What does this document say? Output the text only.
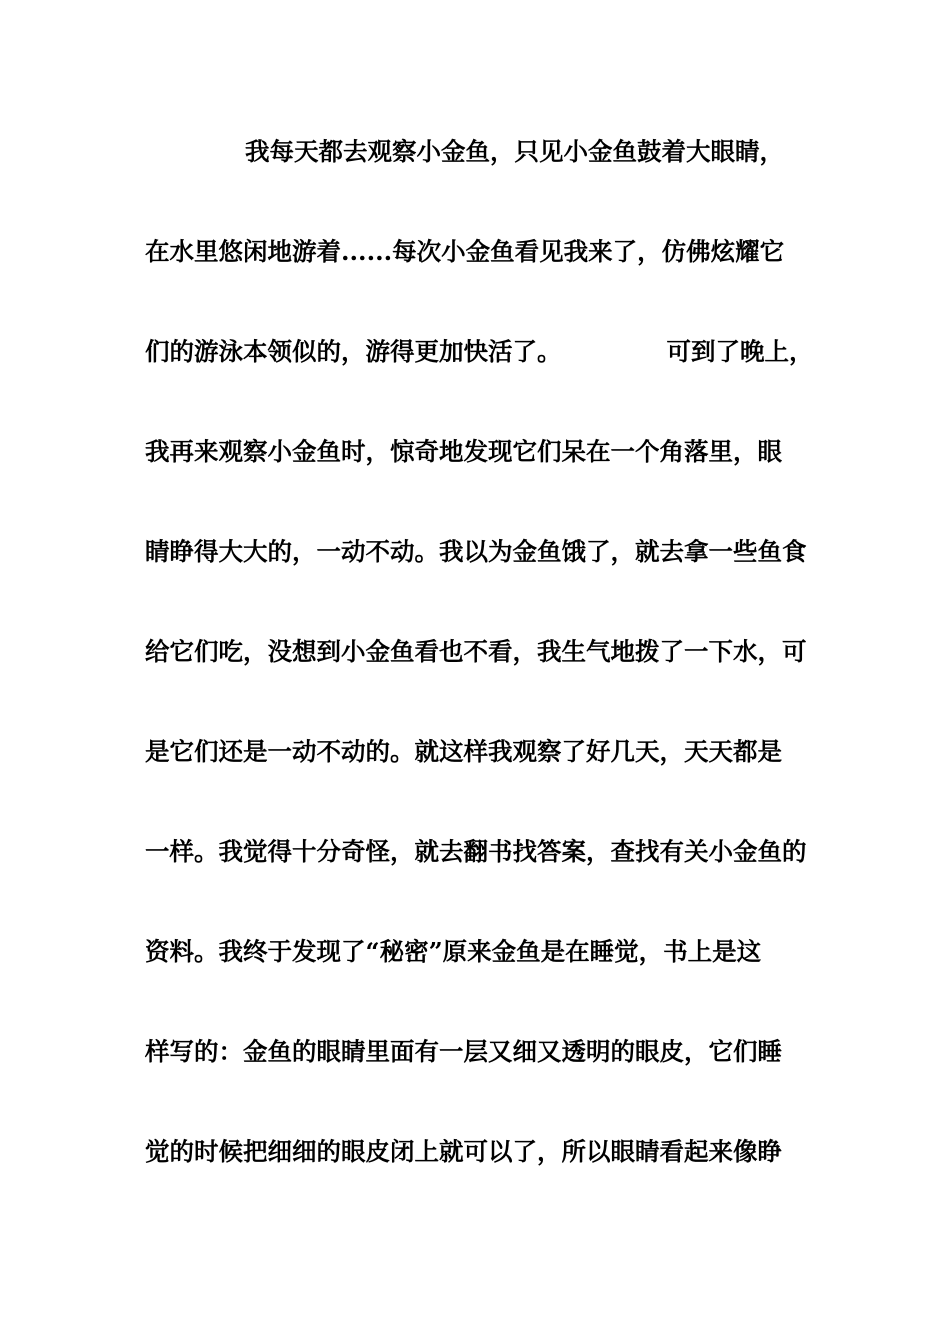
我每天都去观察小金鱼，只见小金鱼鼓着大眼睛，
在水里悠闲地游着......每次小金鱼看见我来了，仿佛炫耀它
们的游泳本领似的，游得更加快活了。	可到了晚上，
我再来观察小金鱼时，惊奇地发现它们呆在一个角落里，眼
睛睁得大大的，一动不动。我以为金鱼饿了，就去拿一些鱼食
给它们吃，没想到小金鱼看也不看，我生气地拨了一下水，可
是它们还是一动不动的。就这样我观察了好几天，天天都是
一样。我觉得十分奇怪，就去翻书找答案，查找有关小金鱼的
资料。我终于发现了“秘密”原来金鱼是在睡觉，书上是这
样写的：金鱼的眼睛里面有一层又细又透明的眼皮，它们睡
觉的时候把细细的眼皮闭上就可以了，所以眼睛看起来像睁
